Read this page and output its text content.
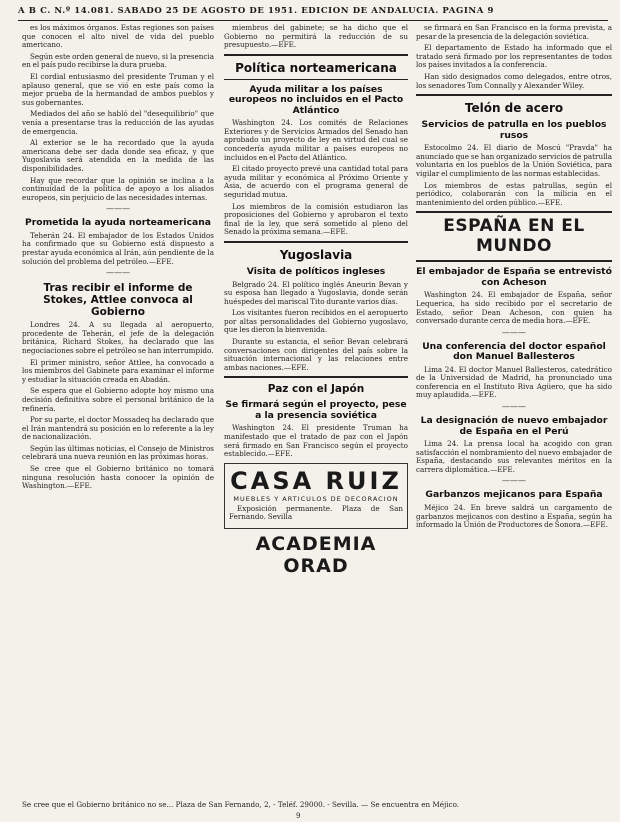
A B C. N.º 14.081. SABADO 25 DE AGOSTO DE 1951. EDICION DE ANDALUCIA. PAGINA 9

es los máximos órganos. Estas regiones son países que conocen el alto nivel de vida del pueblo americano.

Según este orden general de nuevo, si la presencia en el país pudo recibirse la dura prueba.

El cordial entusiasmo del presidente Truman y el aplauso general, que se vió en este país como la mejor prueba de la hermandad de ambos pueblos y sus gobernantes.

Mediados del año se habló del "desequilibrio" que venía a presentarse tras la reducción de las ayudas de emergencia.

Al exterior se le ha recordado que la ayuda americana debe ser dada donde sea eficaz, y que Yugoslavia será atendida en la medida de las disponibilidades.

Hay que recordar que la opinión se inclina a la continuidad de la política de apoyo a los aliados europeos, sin perjuicio de las necesidades internas.

———
Prometida la ayuda norteamericana

Teherán 24. El embajador de los Estados Unidos ha confirmado que su Gobierno está dispuesto a prestar ayuda económica al Irán, aún pendiente de la solución del problema del petróleo.—EFE.

———
Tras recibir el informe de Stokes, Attlee convoca al Gobierno

Londres 24. A su llegada al aeropuerto, procedente de Teherán, el jefe de la delegación británica, Richard Stokes, ha declarado que las negociaciones sobre el petróleo se han interrumpido.

El primer ministro, señor Attlee, ha convocado a los miembros del Gabinete para examinar el informe y estudiar la situación creada en Abadán.

Se espera que el Gobierno adopte hoy mismo una decisión definitiva sobre el personal británico de la refinería.

Por su parte, el doctor Mossadeq ha declarado que el Irán mantendrá su posición en lo referente a la ley de nacionalización.

Según las últimas noticias, el Consejo de Ministros celebrará una nueva reunión en las próximas horas.

Se cree que el Gobierno británico no tomará ninguna resolución hasta conocer la opinión de Washington.—EFE.

miembros del gabinete; se ha dicho que el Gobierno no permitirá la reducción de su presupuesto.—EFE.

Política norteamericana
Ayuda militar a los países europeos no incluidos en el Pacto Atlántico

Washington 24. Los comités de Relaciones Exteriores y de Servicios Armados del Senado han aprobado un proyecto de ley en virtud del cual se concedería ayuda militar a países europeos no incluidos en el Pacto del Atlántico.

El citado proyecto prevé una cantidad total para ayuda militar y económica al Próximo Oriente y Asia, de acuerdo con el programa general de seguridad mutua.

Los miembros de la comisión estudiaron las proposiciones del Gobierno y aprobaron el texto final de la ley, que será sometido al pleno del Senado la próxima semana.—EFE.

Yugoslavia
Visita de políticos ingleses

Belgrado 24. El político inglés Aneurin Bevan y su esposa han llegado a Yugoslavia, donde serán huéspedes del mariscal Tito durante varios días.

Los visitantes fueron recibidos en el aeropuerto por altas personalidades del Gobierno yugoslavo, que les dieron la bienvenida.

Durante su estancia, el señor Bevan celebrará conversaciones con dirigentes del país sobre la situación internacional y las relaciones entre ambas naciones.—EFE.

Paz con el Japón
Se firmará según el proyecto, pese a la presencia soviética

Washington 24. El presidente Truman ha manifestado que el tratado de paz con el Japón será firmado en San Francisco según el proyecto establecido.—EFE.

CASA RUIZ
MUEBLES Y ARTICULOS DE DECORACION

Exposición permanente. Plaza de San Fernando. Sevilla

ACADEMIA ORAD

se firmará en San Francisco en la forma prevista, a pesar de la presencia de la delegación soviética.

El departamento de Estado ha informado que el tratado será firmado por los representantes de todos los países invitados a la conferencia.

Han sido designados como delegados, entre otros, los senadores Tom Connally y Alexander Wiley.

Telón de acero
Servicios de patrulla en los pueblos rusos

Estocolmo 24. El diario de Moscú "Pravda" ha anunciado que se han organizado servicios de patrulla voluntaria en los pueblos de la Unión Soviética, para vigilar el cumplimiento de las normas establecidas.

Los miembros de estas patrullas, según el periódico, colaborarán con la milicia en el mantenimiento del orden público.—EFE.

ESPAÑA EN EL MUNDO
El embajador de España se entrevistó con Acheson

Washington 24. El embajador de España, señor Lequerica, ha sido recibido por el secretario de Estado, señor Dean Acheson, con quien ha conversado durante cerca de media hora.—EFE.

———
Una conferencia del doctor español don Manuel Ballesteros

Lima 24. El doctor Manuel Ballesteros, catedrático de la Universidad de Madrid, ha pronunciado una conferencia en el Instituto Riva Agüero, que ha sido muy aplaudida.—EFE.

———
La designación de nuevo embajador de España en el Perú

Lima 24. La prensa local ha acogido con gran satisfacción el nombramiento del nuevo embajador de España, destacando sus relevantes méritos en la carrera diplomática.—EFE.

———
Garbanzos mejicanos para España

Méjico 24. En breve saldrá un cargamento de garbanzos mejicanos con destino a España, según ha informado la Unión de Productores de Sonora.—EFE.

Se cree que el Gobierno británico no se... Plaza de San Fernando, 2, - Teléf. 29000. - Sevilla. — Se encuentra en Méjico.
9
